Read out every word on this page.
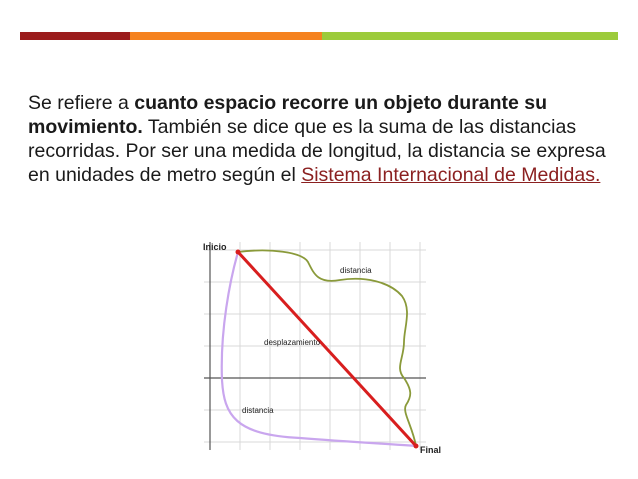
Se refiere a cuanto espacio recorre un objeto durante su movimiento. También se dice que es la suma de las distancias recorridas. Por ser una medida de longitud, la distancia se expresa en unidades de metro según el Sistema Internacional de Medidas.
Inicio
Final
distancia
desplazamiento
distancia
